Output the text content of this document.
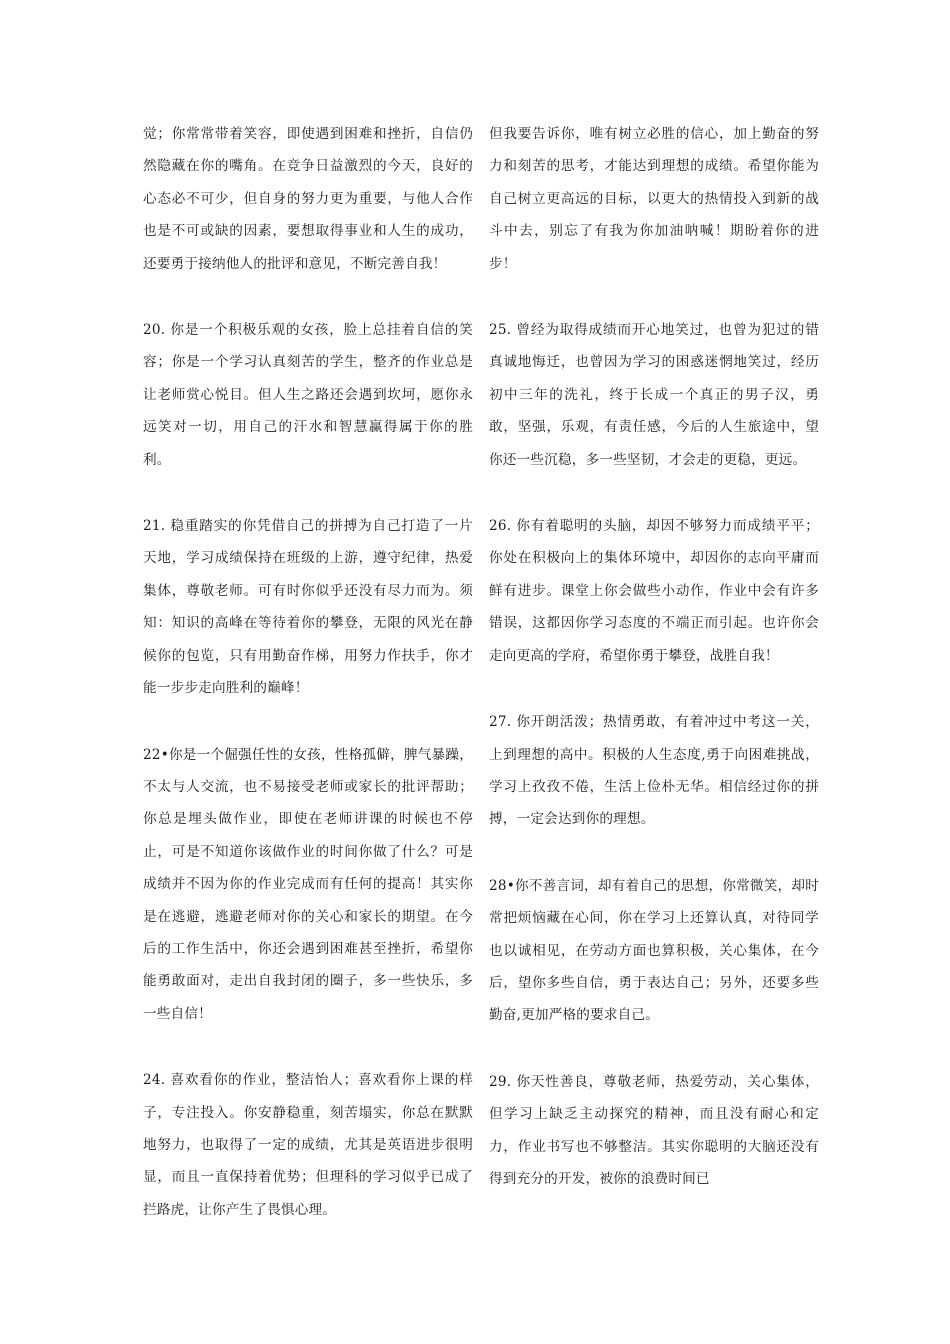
觉；你常常带着笑容，即使遇到困难和挫折，自信仍然隐藏在你的嘴角。在竞争日益激烈的今天，良好的心态必不可少，但自身的努力更为重要，与他人合作也是不可或缺的因素，要想取得事业和人生的成功，还要勇于接纳他人的批评和意见，不断完善自我！

20. 你是一个积极乐观的女孩，脸上总挂着自信的笑容；你是一个学习认真刻苦的学生，整齐的作业总是让老师赏心悦目。但人生之路还会遇到坎坷，愿你永远笑对一切，用自己的汗水和智慧赢得属于你的胜利。

21. 稳重踏实的你凭借自己的拼搏为自己打造了一片天地，学习成绩保持在班级的上游，遵守纪律，热爱集体，尊敬老师。可有时你似乎还没有尽力而为。须知：知识的高峰在等待着你的攀登，无限的风光在静候你的包览，只有用勤奋作梯，用努力作扶手，你才能一步步走向胜利的巅峰！

22•你是一个倔强任性的女孩，性格孤僻，脾气暴躁，不太与人交流，也不易接受老师或家长的批评帮助；你总是埋头做作业，即使在老师讲课的时候也不停止，可是不知道你该做作业的时间你做了什么？可是成绩并不因为你的作业完成而有任何的提高！其实你是在逃避，逃避老师对你的关心和家长的期望。在今后的工作生活中，你还会遇到困难甚至挫折，希望你能勇敢面对，走出自我封闭的圈子，多一些快乐，多一些自信！

24. 喜欢看你的作业，整洁怡人；喜欢看你上课的样子，专注投入。你安静稳重，刻苦塌实，你总在默默地努力，也取得了一定的成绩，尤其是英语进步很明显，而且一直保持着优势；但理科的学习似乎已成了拦路虎，让你产生了畏惧心理。

但我要告诉你，唯有树立必胜的信心，加上勤奋的努力和刻苦的思考，才能达到理想的成绩。希望你能为自己树立更高远的目标，以更大的热情投入到新的战斗中去，别忘了有我为你加油呐喊！期盼着你的进步！

25. 曾经为取得成绩而开心地笑过，也曾为犯过的错真诚地悔迁，也曾因为学习的困惑迷惘地笑过，经历初中三年的洗礼，终于长成一个真正的男子汉，勇敢，坚强，乐观，有责任感，今后的人生旅途中，望你还一些沉稳，多一些坚韧，才会走的更稳，更远。

26. 你有着聪明的头脑，却因不够努力而成绩平平；你处在积极向上的集体环境中，却因你的志向平庸而鲜有进步。课堂上你会做些小动作，作业中会有许多错误，这都因你学习态度的不端正而引起。也许你会走向更高的学府，希望你勇于攀登，战胜自我！

27. 你开朗活泼；热情勇敢，有着冲过中考这一关，上到理想的高中。积极的人生态度,勇于向困难挑战，学习上孜孜不倦，生活上俭朴无华。相信经过你的拼搏，一定会达到你的理想。

28•你不善言词，却有着自己的思想，你常微笑，却时常把烦恼藏在心间，你在学习上还算认真，对待同学也以诚相见，在劳动方面也算积极，关心集体，在今后，望你多些自信，勇于表达自己；另外，还要多些勤奋,更加严格的要求自己。

29. 你天性善良，尊敬老师，热爱劳动，关心集体，但学习上缺乏主动探究的精神，而且没有耐心和定力，作业书写也不够整洁。其实你聪明的大脑还没有得到充分的开发，被你的浪费时间已
